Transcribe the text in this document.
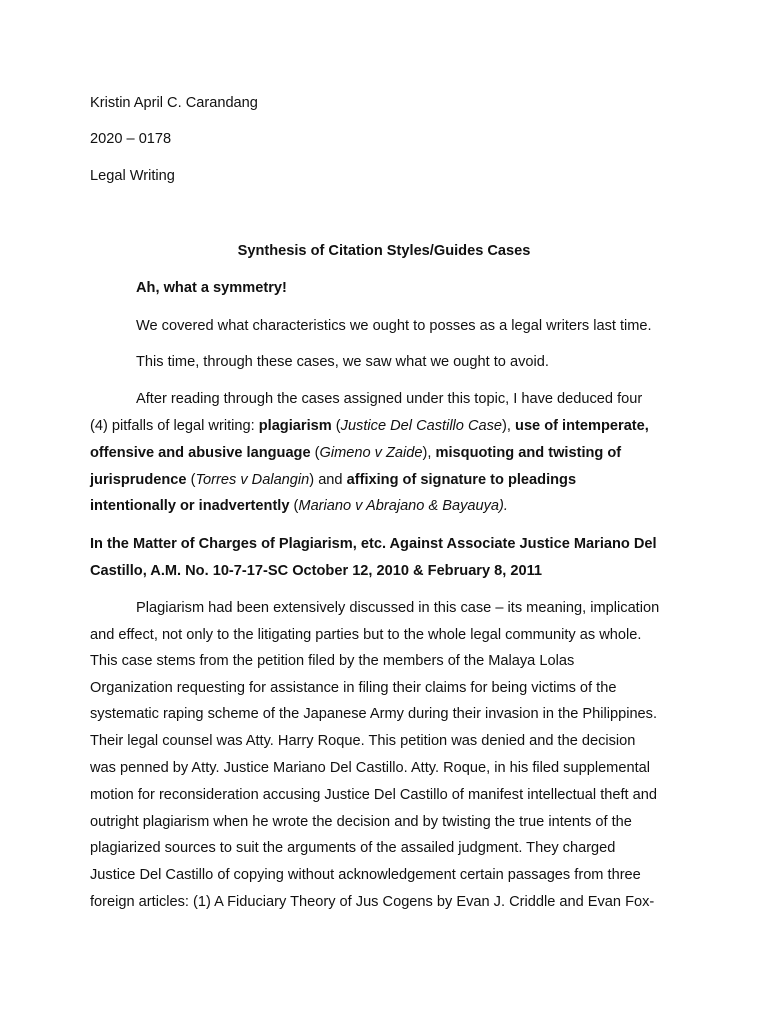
Kristin April C. Carandang

2020 – 0178

Legal Writing

Synthesis of Citation Styles/Guides Cases

Ah, what a symmetry!

We covered what characteristics we ought to posses as a legal writers last time.

This time, through these cases, we saw what we ought to avoid.

After reading through the cases assigned under this topic, I have deduced four

(4) pitfalls of legal writing: plagiarism (Justice Del Castillo Case), use of intemperate,

offensive and abusive language (Gimeno v Zaide), misquoting and twisting of

jurisprudence (Torres v Dalangin) and affixing of signature to pleadings

intentionally or inadvertently (Mariano v Abrajano & Bayauya).

In the Matter of Charges of Plagiarism, etc. Against Associate Justice Mariano Del

Castillo, A.M. No. 10-7-17-SC October 12, 2010 & February 8, 2011

Plagiarism had been extensively discussed in this case – its meaning, implication

and effect, not only to the litigating parties but to the whole legal community as whole.

This case stems from the petition filed by the members of the Malaya Lolas

Organization requesting for assistance in filing their claims for being victims of the

systematic raping scheme of the Japanese Army during their invasion in the Philippines.

Their legal counsel was Atty. Harry Roque. This petition was denied and the decision

was penned by Atty. Justice Mariano Del Castillo. Atty. Roque, in his filed supplemental

motion for reconsideration accusing Justice Del Castillo of manifest intellectual theft and

outright plagiarism when he wrote the decision and by twisting the true intents of the

plagiarized sources to suit the arguments of the assailed judgment. They charged

Justice Del Castillo of copying without acknowledgement certain passages from three

foreign articles: (1) A Fiduciary Theory of Jus Cogens by Evan J. Criddle and Evan Fox-
